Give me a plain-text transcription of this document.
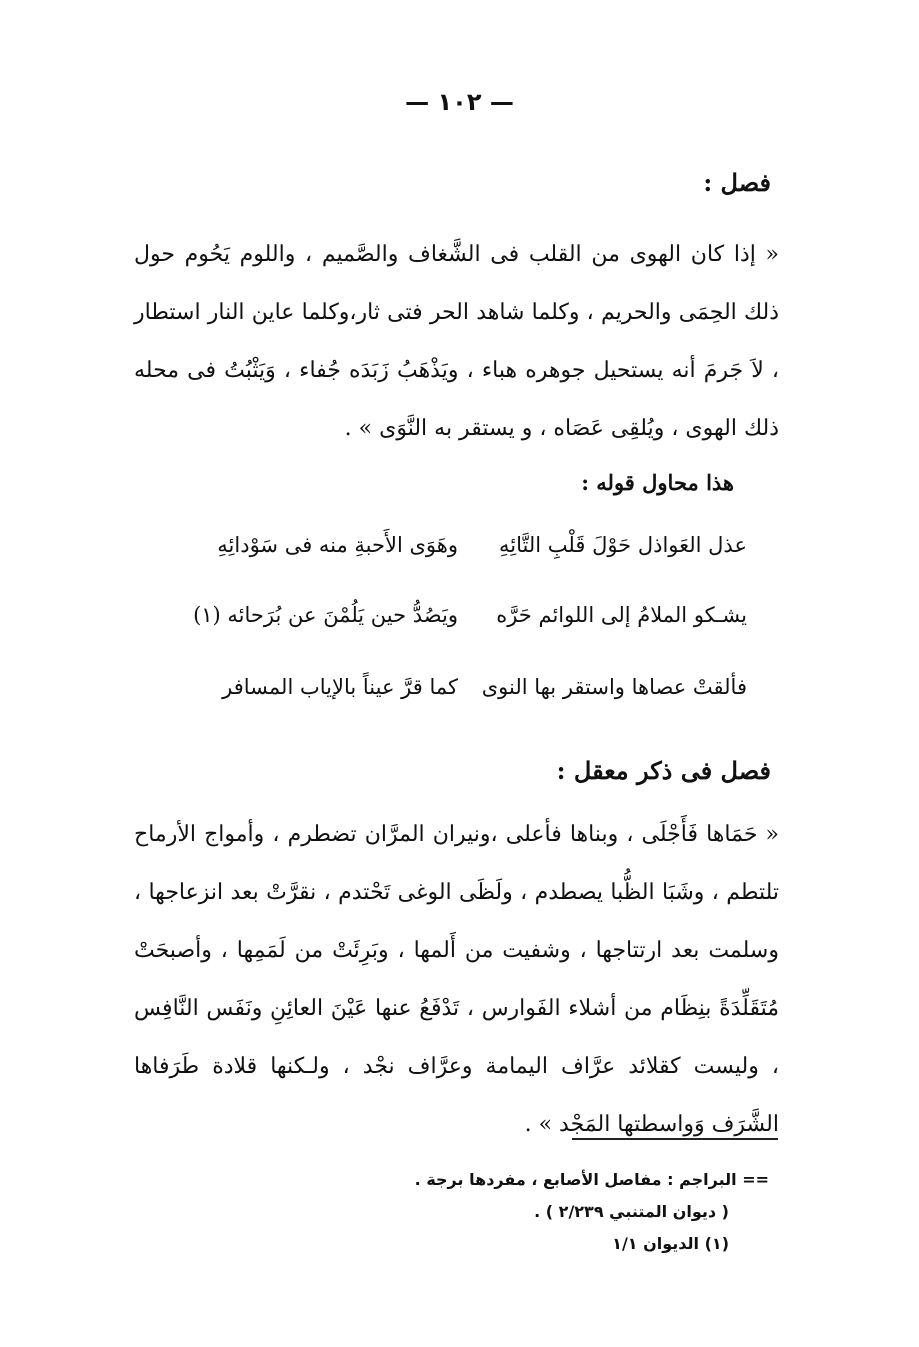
— ١٠٢ —
فصل :
« إذا كان الهوى من القلب فى الشَّغاف والصَّميم ، واللوم يَحُوم حول ذلك الحِمَى والحريم ، وكلما شاهد الحر فتى ثار،وكلما عاين النار استطار ، لاَ جَرمَ أنه يستحيل جوهره هباء ، ويَذْهَبُ زَبَدَه جُفاء ، وَيَثْبُتُ فى محله ذلك الهوى ، ويُلقِى عَصَاه ، و يستقر به النَّوَى » .
هذا محاول قوله :
عذل العَواذل حَوْلَ قَلْبِ التَّائِهِ
وهَوَى الأَحبةِ منه فى سَوْدائِهِ
يشـكو الملامُ إلى اللوائم حَرَّه
ويَصُدُّ حين يَلُمْنَ عن بُرَحائه (١)
فألقتْ عصاها واستقر بها النوى
كما قرَّ عيناً بالإياب المسافر
فصل فى ذكر معقل :
« حَمَاها فَأَجْلَى ، وبناها فأعلى ،ونيران المرَّان تضطرم ، وأمواج الأرماح تلتطم ، وشَبَا الظُّبا يصطدم ، ولَظَى الوغى تَحْتدم ، نقرَّتْ بعد انزعاجها ، وسلمت بعد ارتتاجها ، وشفيت من أَلمها ، وبَرِئَتْ من لَمَمِها ، وأصبحَتْ مُتَقَلِّدَةً بنِظَام من أشلاء الفَوارس ، تَدْفَعُ عنها عَيْنَ العائِنِ ونَفَس النَّافِس ، وليست كقلائد عرَّاف اليمامة وعرَّاف نجْد ، ولـكنها قلادة طَرَفاها الشَّرَف وَواسطتها المَجْد » .
== البراجم : مفاصل الأصابع ، مفردها برجة .
( ديوان المتنبي ٢/٢٣٩ ) .
(١) الديوان ١/١
